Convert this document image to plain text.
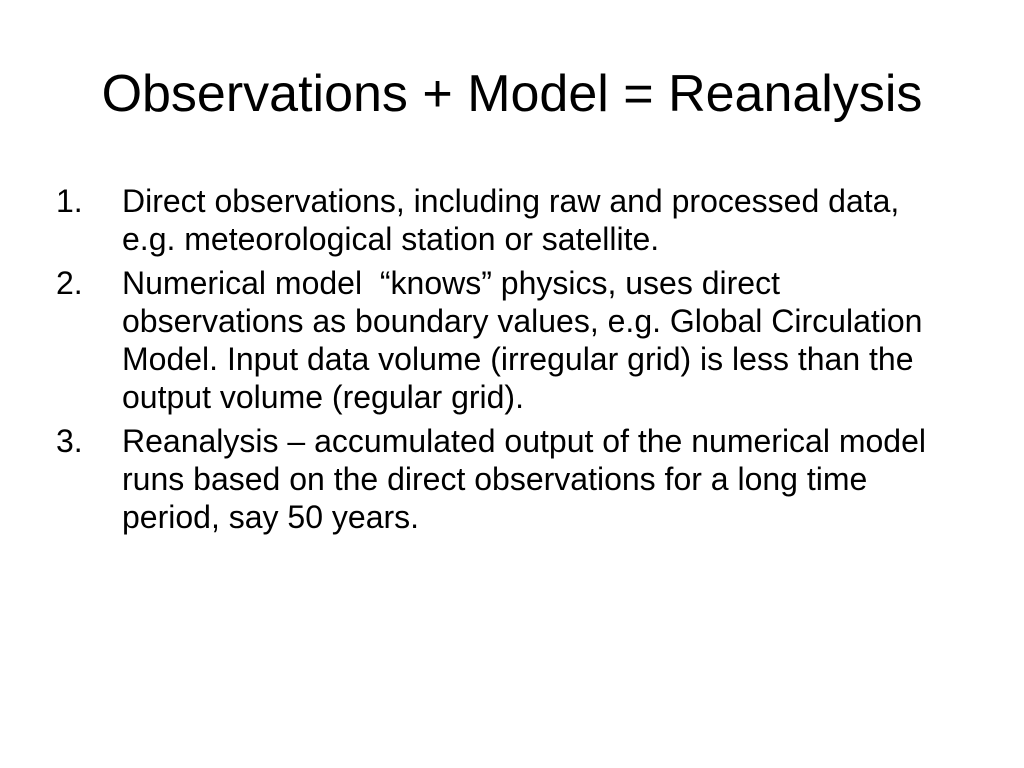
Observations + Model = Reanalysis
1.	Direct observations, including raw and processed data, e.g. meteorological station or satellite.
2.	Numerical model  “knows” physics, uses direct observations as boundary values, e.g. Global Circulation Model. Input data volume (irregular grid) is less than the output volume (regular grid).
3.	Reanalysis – accumulated output of the numerical model runs based on the direct observations for a long time period, say 50 years.
